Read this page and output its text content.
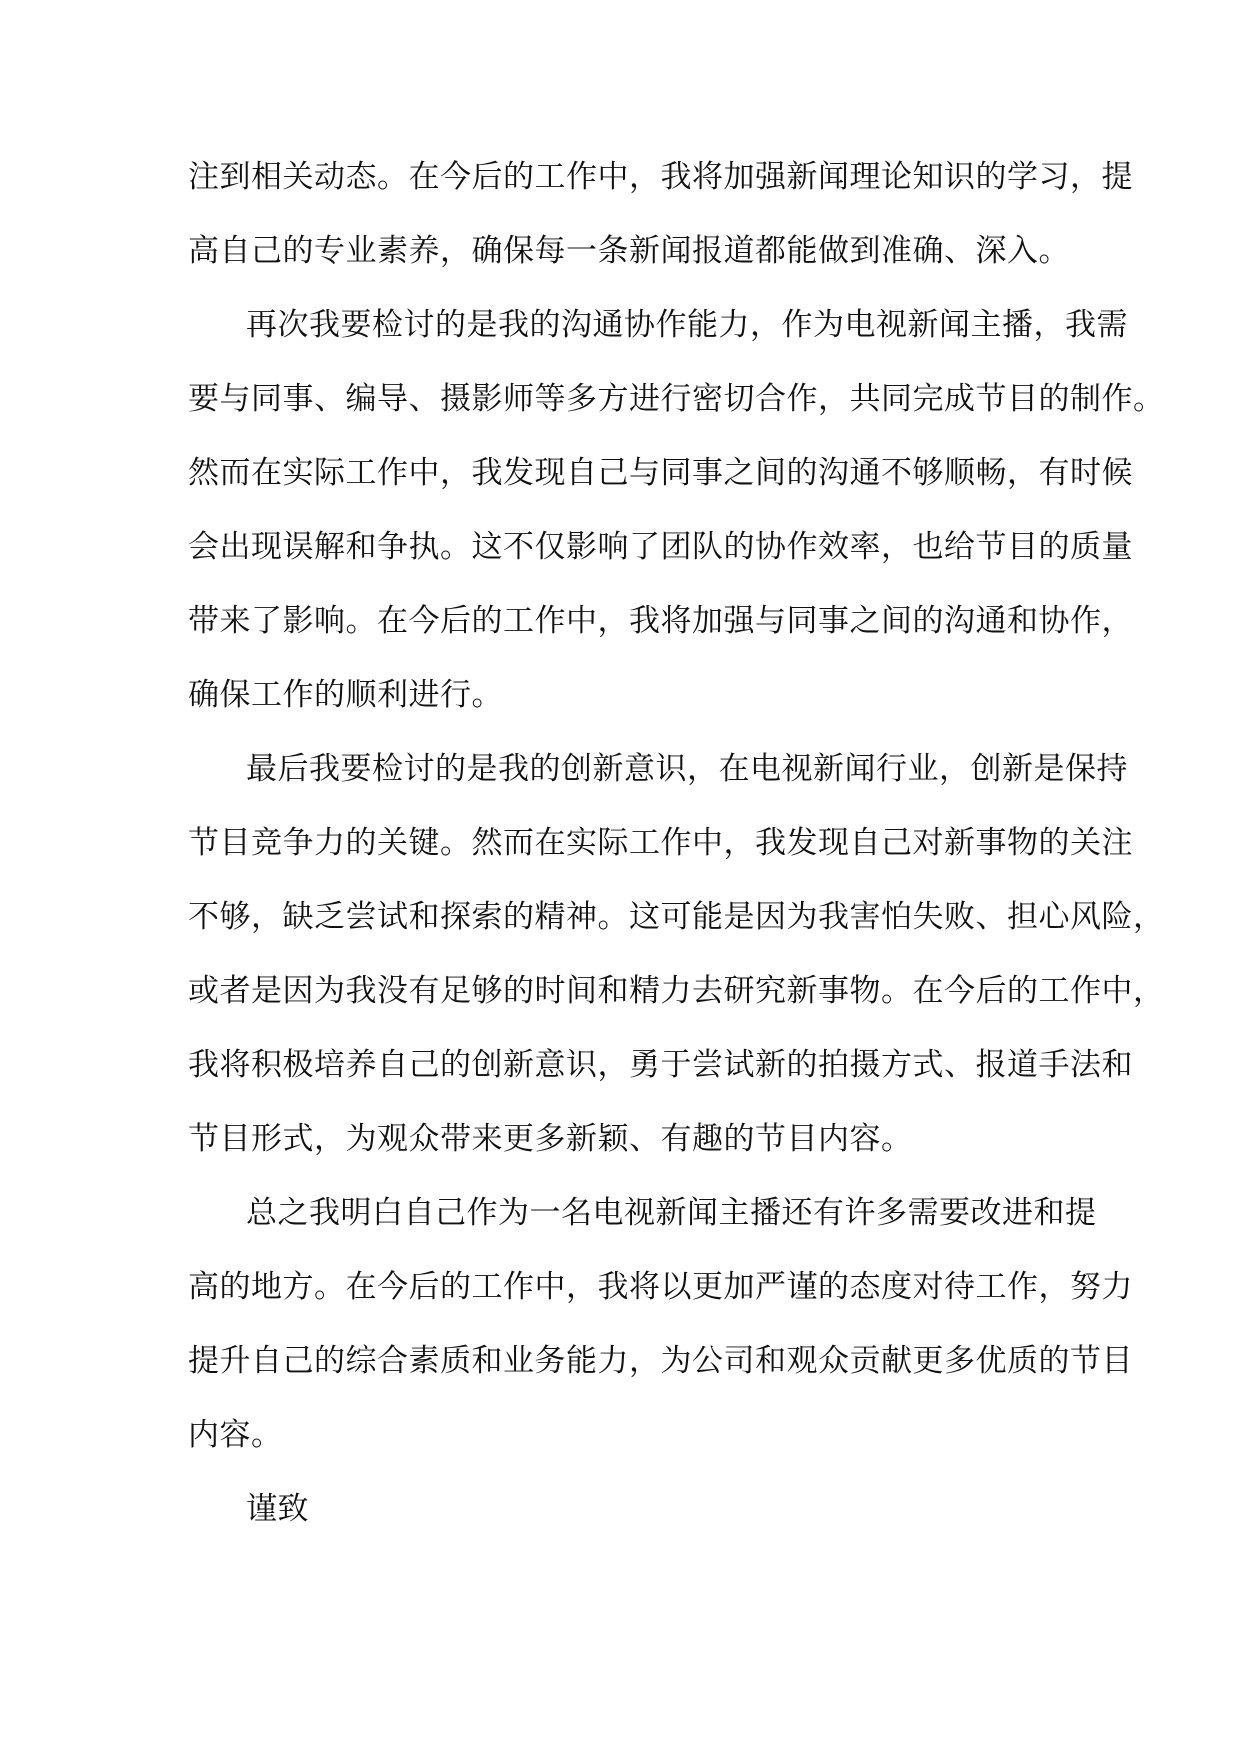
注到相关动态。在今后的工作中，我将加强新闻理论知识的学习，提
高自己的专业素养，确保每一条新闻报道都能做到准确、深入。
再次我要检讨的是我的沟通协作能力，作为电视新闻主播，我需
要与同事、编导、摄影师等多方进行密切合作，共同完成节目的制作。
然而在实际工作中，我发现自己与同事之间的沟通不够顺畅，有时候
会出现误解和争执。这不仅影响了团队的协作效率，也给节目的质量
带来了影响。在今后的工作中，我将加强与同事之间的沟通和协作，
确保工作的顺利进行。
最后我要检讨的是我的创新意识，在电视新闻行业，创新是保持
节目竞争力的关键。然而在实际工作中，我发现自己对新事物的关注
不够，缺乏尝试和探索的精神。这可能是因为我害怕失败、担心风险，
或者是因为我没有足够的时间和精力去研究新事物。在今后的工作中，
我将积极培养自己的创新意识，勇于尝试新的拍摄方式、报道手法和
节目形式，为观众带来更多新颖、有趣的节目内容。
总之我明白自己作为一名电视新闻主播还有许多需要改进和提
高的地方。在今后的工作中，我将以更加严谨的态度对待工作，努力
提升自己的综合素质和业务能力，为公司和观众贡献更多优质的节目
内容。
谨致
